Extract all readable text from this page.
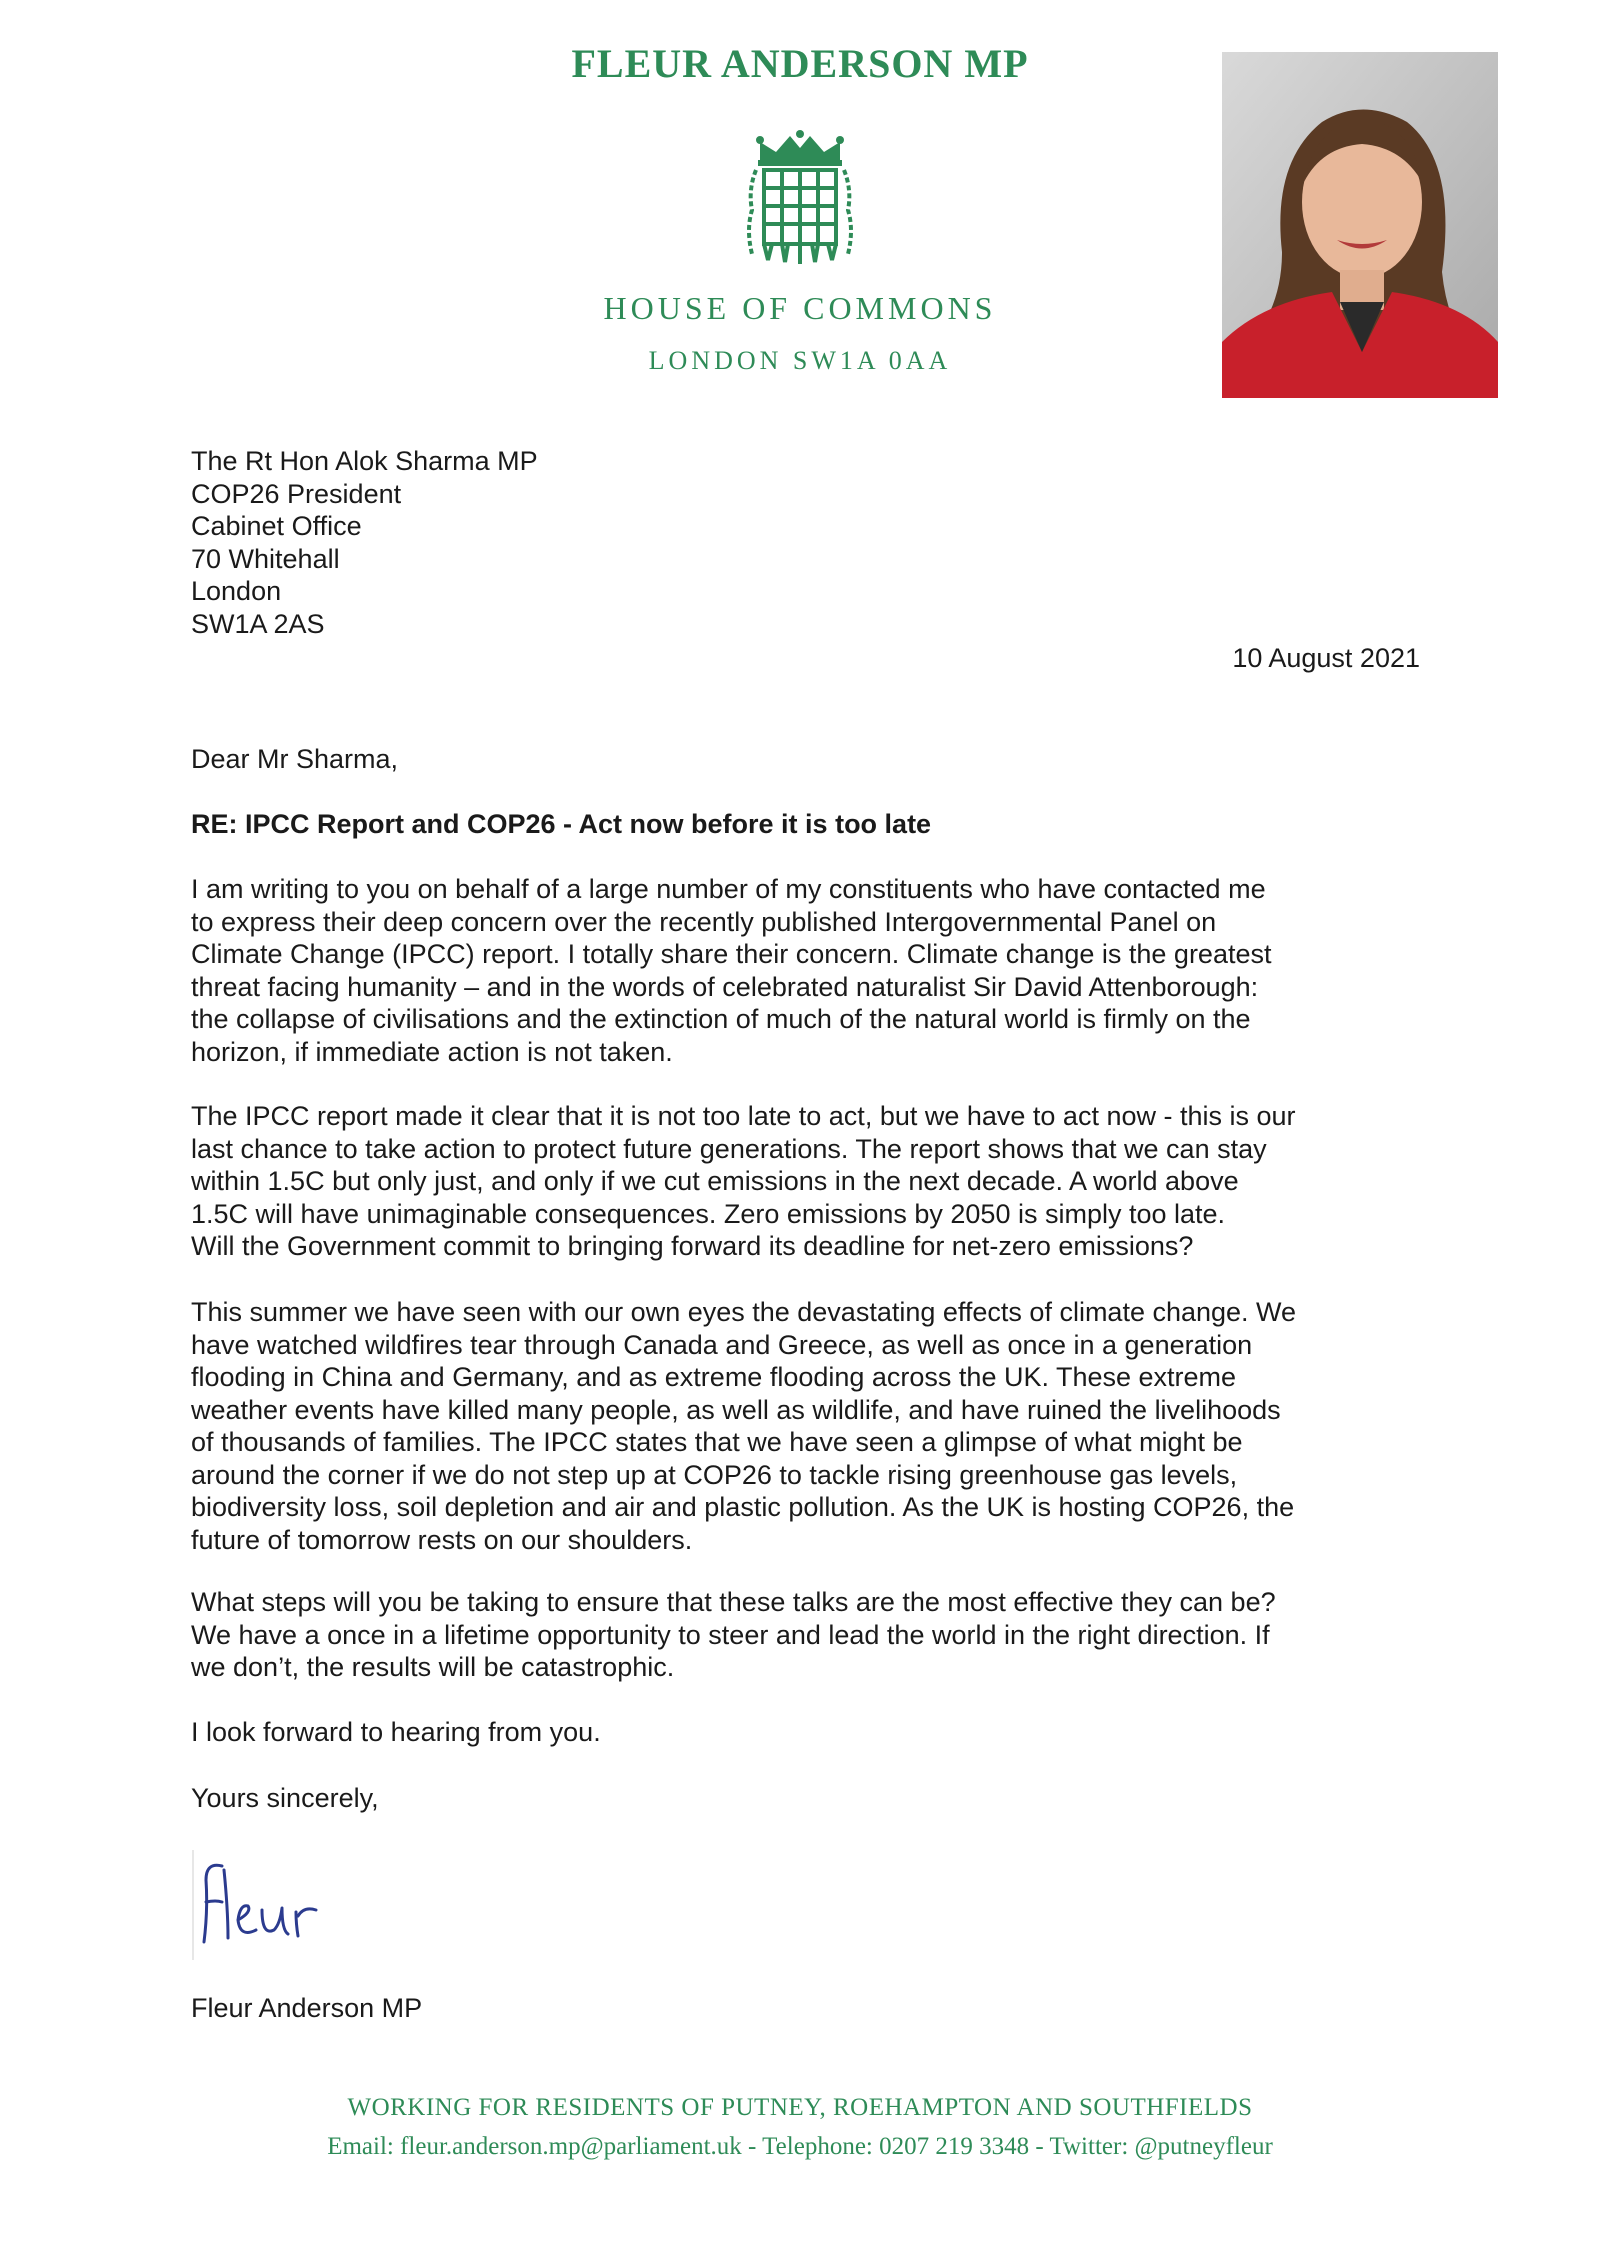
FLEUR ANDERSON MP
HOUSE OF COMMONS
LONDON SW1A 0AA
The Rt Hon Alok Sharma MP
COP26 President
Cabinet Office
70 Whitehall
London
SW1A 2AS
10 August 2021
Dear Mr Sharma,
RE: IPCC Report and COP26 - Act now before it is too late
I am writing to you on behalf of a large number of my constituents who have contacted me
to express their deep concern over the recently published Intergovernmental Panel on
Climate Change (IPCC) report. I totally share their concern. Climate change is the greatest
threat facing humanity – and in the words of celebrated naturalist Sir David Attenborough:
the collapse of civilisations and the extinction of much of the natural world is firmly on the
horizon, if immediate action is not taken.
The IPCC report made it clear that it is not too late to act, but we have to act now - this is our
last chance to take action to protect future generations. The report shows that we can stay
within 1.5C but only just, and only if we cut emissions in the next decade. A world above
1.5C will have unimaginable consequences. Zero emissions by 2050 is simply too late.
Will the Government commit to bringing forward its deadline for net-zero emissions?
This summer we have seen with our own eyes the devastating effects of climate change. We
have watched wildfires tear through Canada and Greece, as well as once in a generation
flooding in China and Germany, and as extreme flooding across the UK. These extreme
weather events have killed many people, as well as wildlife, and have ruined the livelihoods
of thousands of families. The IPCC states that we have seen a glimpse of what might be
around the corner if we do not step up at COP26 to tackle rising greenhouse gas levels,
biodiversity loss, soil depletion and air and plastic pollution. As the UK is hosting COP26, the
future of tomorrow rests on our shoulders.
What steps will you be taking to ensure that these talks are the most effective they can be?
We have a once in a lifetime opportunity to steer and lead the world in the right direction. If
we don’t, the results will be catastrophic.
I look forward to hearing from you.
Yours sincerely,
Fleur Anderson MP
WORKING FOR RESIDENTS OF PUTNEY, ROEHAMPTON AND SOUTHFIELDS
Email: fleur.anderson.mp@parliament.uk - Telephone: 0207 219 3348 - Twitter: @putneyfleur
